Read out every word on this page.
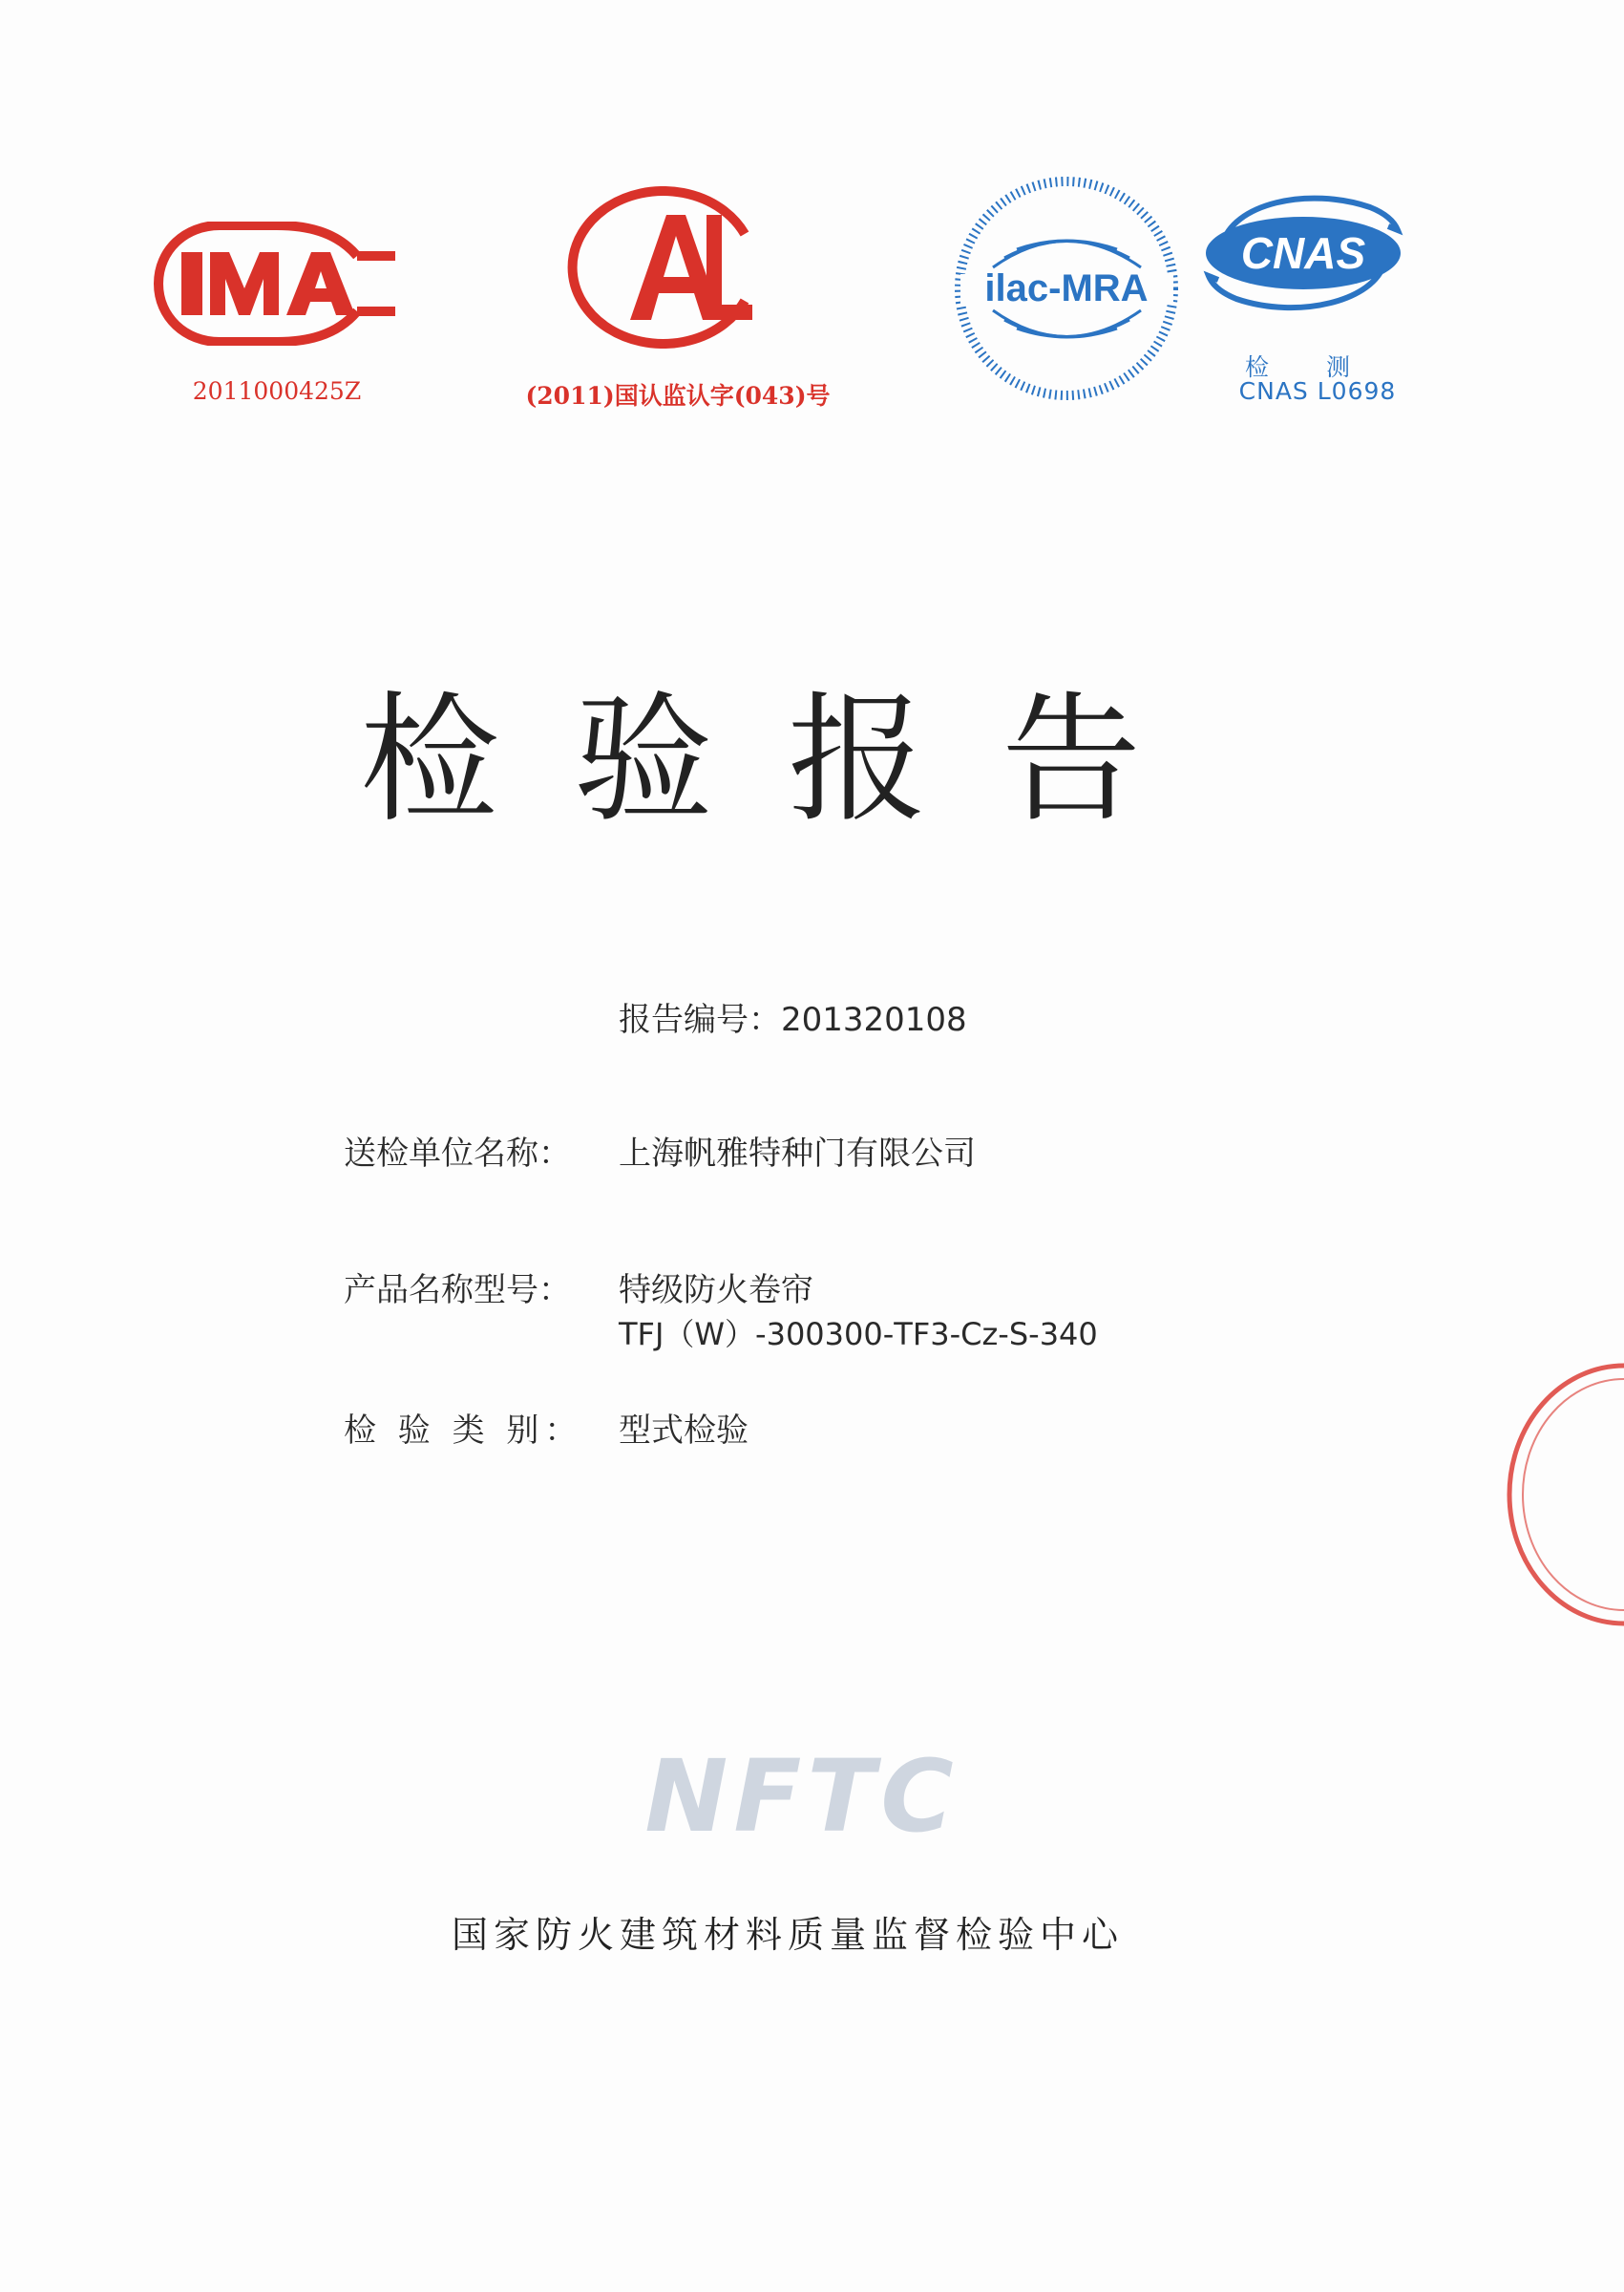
2011000425Z	(2011)国认监认字(043)号
ilac-MRA
CNAS
检 测
CNAS L0698
检验报告
报告编号：201320108
送检单位名称：	上海帆雅特种门有限公司
产品名称型号：	特级防火卷帘
TFJ（W）-300300-TF3-Cz-S-340
检 验 类 别：	型式检验
NFTC
国家防火建筑材料质量监督检验中心
